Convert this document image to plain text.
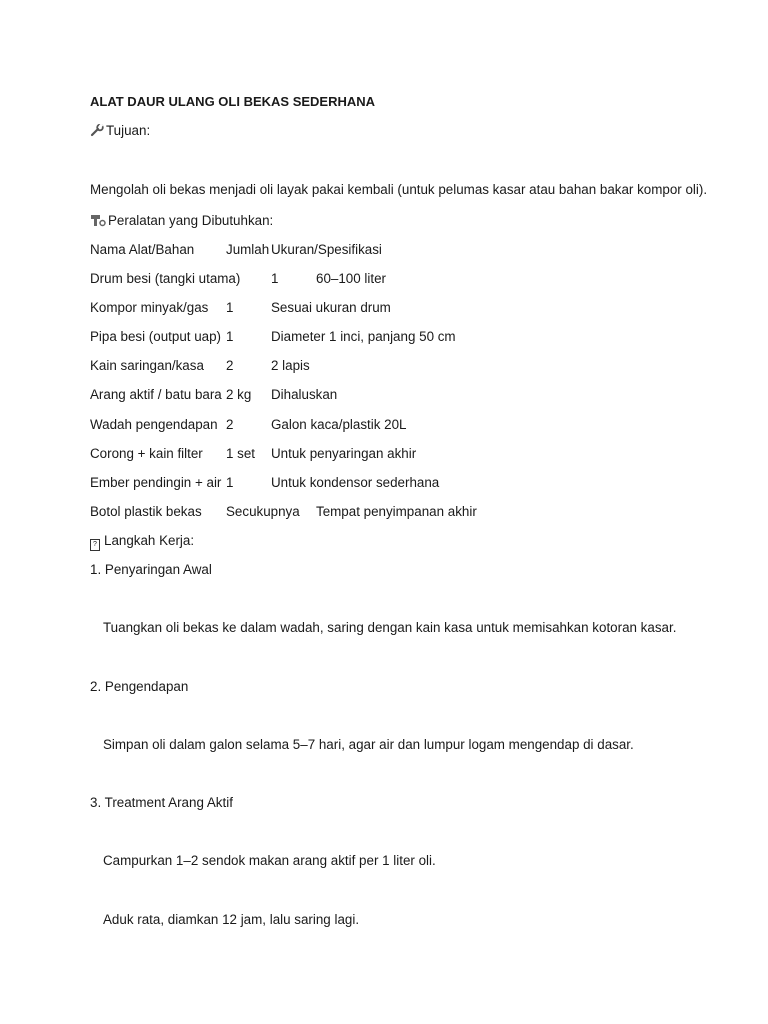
ALAT DAUR ULANG OLI BEKAS SEDERHANA
Tujuan:
Mengolah oli bekas menjadi oli layak pakai kembali (untuk pelumas kasar atau bahan bakar kompor oli).
Peralatan yang Dibutuhkan:
Nama Alat/Bahan Jumlah Ukuran/Spesifikasi
Drum besi (tangki utama) 1	60–100 liter
Kompor minyak/gas 1	Sesuai ukuran drum
Pipa besi (output uap) 1	Diameter 1 inci, panjang 50 cm
Kain saringan/kasa 2	2 lapis
Arang aktif / batu bara 2 kg Dihaluskan
Wadah pengendapan 2	Galon kaca/plastik 20L
Corong + kain filter 1 set Untuk penyaringan akhir
Ember pendingin + air 1	Untuk kondensor sederhana
Botol plastik bekas Secukupnya Tempat penyimpanan akhir
? Langkah Kerja:
1. Penyaringan Awal
Tuangkan oli bekas ke dalam wadah, saring dengan kain kasa untuk memisahkan kotoran kasar.
2. Pengendapan
Simpan oli dalam galon selama 5–7 hari, agar air dan lumpur logam mengendap di dasar.
3. Treatment Arang Aktif
Campurkan 1–2 sendok makan arang aktif per 1 liter oli.
Aduk rata, diamkan 12 jam, lalu saring lagi.
